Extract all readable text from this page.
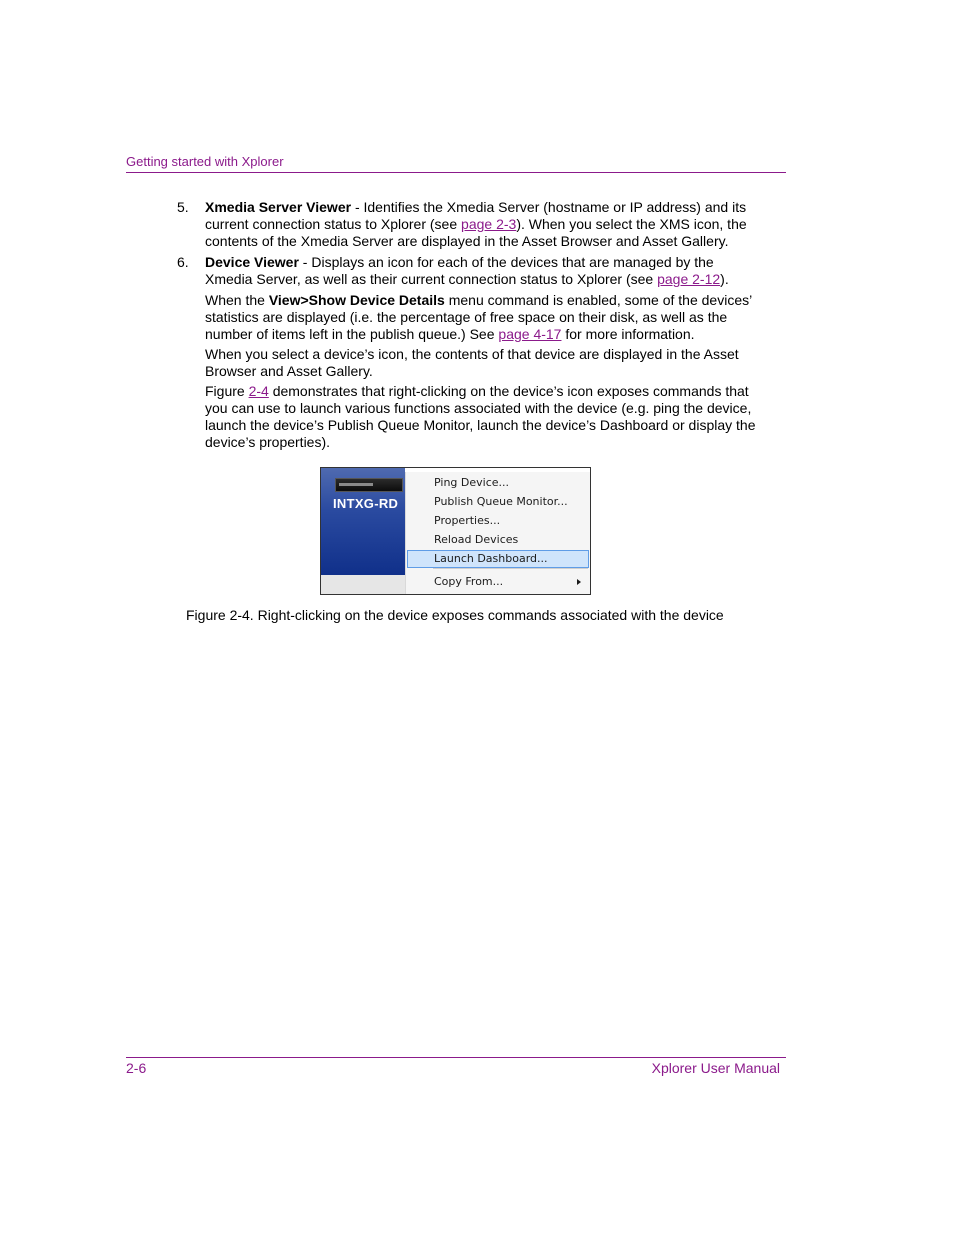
Getting started with Xplorer
5. Xmedia Server Viewer - Identifies the Xmedia Server (hostname or IP address) and its current connection status to Xplorer (see page 2-3). When you select the XMS icon, the contents of the Xmedia Server are displayed in the Asset Browser and Asset Gallery.
6. Device Viewer - Displays an icon for each of the devices that are managed by the Xmedia Server, as well as their current connection status to Xplorer (see page 2-12).
When the View>Show Device Details menu command is enabled, some of the devices’ statistics are displayed (i.e. the percentage of free space on their disk, as well as the number of items left in the publish queue.) See page 4-17 for more information.
When you select a device’s icon, the contents of that device are displayed in the Asset Browser and Asset Gallery.
Figure 2-4 demonstrates that right-clicking on the device’s icon exposes commands that you can use to launch various functions associated with the device (e.g. ping the device, launch the device’s Publish Queue Monitor, launch the device’s Dashboard or display the device’s properties).
INTXG-RD
Ping Device...
Publish Queue Monitor...
Properties...
Reload Devices
Launch Dashboard...
Copy From...
Figure 2-4. Right-clicking on the device exposes commands associated with the device
2-6	Xplorer User Manual
